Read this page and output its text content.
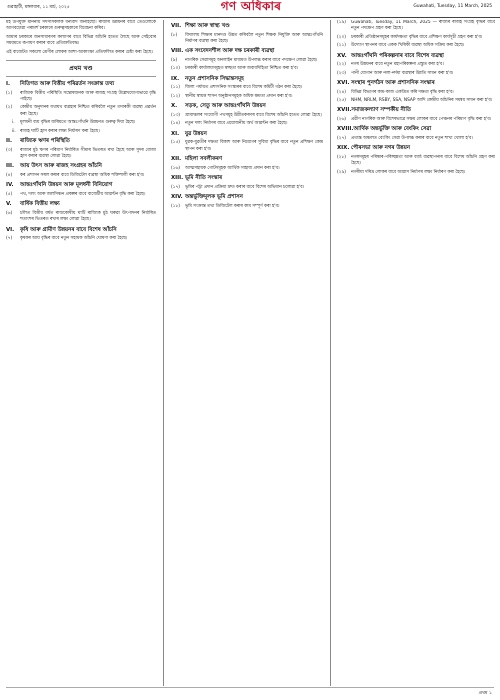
গুৱাহাটী, মঙ্গলবাৰ, ১১ মাৰ্চ, ২০২৫	গণ অধিকাৰ	Guwahati, Tuesday, 11 March, 2025

মই উপৰ্যুক্ত মাননীয় সদস্যসকলক ধন্যবাদ জনাইছোঁ। ৰাজ্যৰ উন্নয়নৰ বাবে তেওঁলোকে আগবঢ়োৱা পৰামৰ্শ চৰকাৰে গুৰুত্বসহকাৰে বিবেচনা কৰিব।

আমাৰ চৰকাৰে জনসাধাৰণৰ কল্যাণৰ বাবে বিভিন্ন আঁচনি হাতত লৈছে আৰু সেইবোৰ সময়মতে ৰূপায়ণ কৰাৰ বাবে প্ৰতিশ্ৰুতিবদ্ধ।

এই বাজেটত সকলো শ্ৰেণীৰ লোকৰ আশা-আকাংক্ষা প্ৰতিফলিত কৰাৰ চেষ্টা কৰা হৈছে।

প্ৰথম খণ্ড
I.	নিতিগত আৰু বিত্তীয় পৰিৱৰ্তন সংক্ৰান্ত তথ্য
(১)	ৰাজ্যিক বিত্তীয় পৰিস্থিতি সন্তোষজনক আৰু ৰাজহ সংগ্ৰহ উল্লেখযোগ্যভাৱে বৃদ্ধি পাইছে।
(২)	কেন্দ্ৰীয় অনুদানৰ যথাযথ ব্যৱহাৰ নিশ্চিত কৰিবলৈ নতুন তদাৰকী ব্যৱস্থা প্ৰৱৰ্তন কৰা হৈছে।
i.	মূলধনী ব্যয় বৃদ্ধিৰ জৰিয়তে আন্তঃগাঁথনি উন্নয়নত গুৰুত্ব দিয়া হৈছে।
ii. ৰাজহ ঘাটি হ্ৰাস কৰাৰ লক্ষ্য নিৰ্ধাৰণ কৰা হৈছে।
II.	ৰাজ্যিক ঋণৰ পৰিস্থিতি
(৩)	ৰাজ্যৰ মুঠ ঋণৰ পৰিমাণ নিৰ্ধাৰিত সীমাৰ ভিতৰত ৰখা হৈছে আৰু সুদৰ বোজা হ্ৰাস কৰাৰ ব্যৱস্থা লোৱা হৈছে।
III.	আয় উৎস আৰু ৰাজহ সংগ্ৰহৰ আঁচনি
(৪)	কৰ প্ৰশাসন সৰল কৰাৰ বাবে ডিজিটেল ব্যৱস্থা অধিক শক্তিশালী কৰা হ'ব।
IV.	আন্তঃগাঁথনি উন্নয়ন আৰু মূলধনী বিনিয়োগ
(৫)	পথ, দলং আৰু জলসিঞ্চন প্ৰকল্পৰ বাবে বাজেটীয় আৱণ্টন বৃদ্ধি কৰা হৈছে।
V.	বাৰ্ষিক বিত্তীয় লক্ষ্য
(৬)	চলিত বিত্তীয় বৰ্ষত ৰাজকোষীয় ঘাটি ৰাজ্যিক মুঠ ঘৰুৱা উৎপাদনৰ নিৰ্ধাৰিত শতাংশৰ ভিতৰত ৰখাৰ লক্ষ্য লোৱা হৈছে।
VI.	কৃষি আৰু গ্ৰামীণ উন্নয়নৰ বাবে বিশেষ আঁচনি
(৭)	কৃষকৰ আয় বৃদ্ধিৰ বাবে নতুন সহায়ক আঁচনি ঘোষণা কৰা হৈছে।
VII. শিক্ষা আৰু স্বাস্থ্য খণ্ড
(৮)	বিদ্যালয় শিক্ষাৰ মানদণ্ড উন্নত কৰিবলৈ নতুন শিক্ষক নিযুক্তি আৰু আন্তঃগাঁথনি নিৰ্মাণৰ ব্যৱস্থা কৰা হৈছে।
VIII. এক সংবেদনশীল আৰু দক্ষ চৰকাৰী ব্যৱস্থা
(৯)	নাগৰিক সেৱাসমূহ অনলাইন মাধ্যমত উপলব্ধ কৰাৰ বাবে পদক্ষেপ লোৱা হৈছে।
(১০)	চৰকাৰী কাৰ্যালয়সমূহত স্বচ্ছতা আৰু জবাবদিহিতা নিশ্চিত কৰা হ'ব।
IX.	নতুন প্ৰশাসনিক সিদ্ধান্তসমূহ
(১১)	জিলা পৰ্যায়ত প্ৰশাসনিক সংস্কাৰৰ বাবে বিশেষ কমিটী গঠন কৰা হৈছে।
(১২)	স্থানীয় স্বায়ত্ত শাসন অনুষ্ঠানসমূহক অধিক ক্ষমতা প্ৰদান কৰা হ'ব।
X.	সড়ক, সেতু আৰু আন্তঃগাঁথনি উন্নয়ন
(১৩)	গ্ৰামাঞ্চলৰ সংযোগী পথসমূহ উন্নীতকৰণৰ বাবে বিশেষ আঁচনি হাতত লোৱা হৈছে।
(১৪)	নতুন দলং নিৰ্মাণৰ বাবে প্ৰয়োজনীয় অৰ্থ আৱণ্টন কৰা হৈছে।
XI.	যুৱ উন্নয়ন
(১৫)	যুৱক-যুৱতীৰ দক্ষতা বিকাশ আৰু নিয়োগৰ সুবিধা বৃদ্ধিৰ বাবে নতুন প্ৰশিক্ষণ কেন্দ্ৰ স্থাপন কৰা হ'ব।
XII. মহিলা সবলীকৰণ
(১৬)	আত্মসহায়ক গোটসমূহক আৰ্থিক সাহায্য প্ৰদান কৰা হ'ব।
XIII. ভূমি নীতি সংস্কাৰ
(১৭)	ভূমিৰ পট্টা প্ৰদান প্ৰক্ৰিয়া দ্ৰুত কৰাৰ বাবে বিশেষ অভিযান চলোৱা হ'ব।
XIV. অন্তৰ্ভুক্তিমূলক ভূমি প্ৰশাসন
(১৮)	ভূমি সংক্ৰান্ত তথ্য ডিজিটেল কৰাৰ কাম সম্পূৰ্ণ কৰা হ'ব।
(১৯)	Guwahati, Tuesday, 11 March, 2025 — ৰাজ্যৰ ৰাজহ সংগ্ৰহ বৃদ্ধিৰ বাবে নতুন পদক্ষেপ গ্ৰহণ কৰা হৈছে।
(২০)	চৰকাৰী প্ৰতিষ্ঠানসমূহৰ কাৰ্যদক্ষতা বৃদ্ধিৰ বাবে প্ৰশিক্ষণ কাৰ্যসূচী গ্ৰহণ কৰা হ'ব।
(২১)	উদ্যোগ স্থাপনৰ বাবে একক খিৰিকী ব্যৱস্থা অধিক সক্ৰিয় কৰা হৈছে।
XV. আন্তঃগাঁথনি পৰিকল্পনাৰ বাবে বিশেষ ব্যৱস্থা
(২২)	নগৰ উন্নয়নৰ বাবে নতুন মহাপৰিকল্পনা প্ৰস্তুত কৰা হ'ব।
(২৩)	পানী যোগান আৰু নলা-নৰ্দমা ব্যৱস্থাৰ উন্নতি সাধন কৰা হ'ব।
XVI. সংস্থাৰ পুনৰ্গঠন আৰু প্ৰশাসনিক সংস্কাৰ
(২৪)	বিভিন্ন বিভাগৰ কাম-কাজ একত্ৰিত কৰি দক্ষতা বৃদ্ধি কৰা হ'ব।
(২৫)	NHM, NRLM, RSBY, SSA, NSAP আদি কেন্দ্ৰীয় আঁচনিৰ সমন্বয় সাধন কৰা হ'ব।
XVII. সমাজকল্যাণ সম্পৰ্কীয় নীতি
(২৬)	প্ৰৱীণ নাগৰিক আৰু বিশেষভাৱে সক্ষম লোকৰ বাবে পেঞ্চনৰ পৰিমাণ বৃদ্ধি কৰা হ'ব।
XVIII. আৰ্থিক অন্তৰ্ভুক্তি আৰু বেংকিং সেৱা
(২৭)	প্ৰত্যন্ত অঞ্চলত বেংকিং সেৱা উপলব্ধ কৰাৰ বাবে নতুন শাখা খোলা হ'ব।
XIX. পৌৰসভা আৰু নগৰ উন্নয়ন
(২৮)	নগৰসমূহৰ পৰিষ্কাৰ-পৰিচ্ছন্নতা আৰু বৰ্জ্য ব্যৱস্থাপনাৰ বাবে বিশেষ আঁচনি গ্ৰহণ কৰা হৈছে।
(২৯)	নগৰীয়া দৰিদ্ৰ লোকৰ বাবে আৱাস নিৰ্মাণৰ লক্ষ্য নিৰ্ধাৰণ কৰা হৈছে।
প্ৰথম ১
